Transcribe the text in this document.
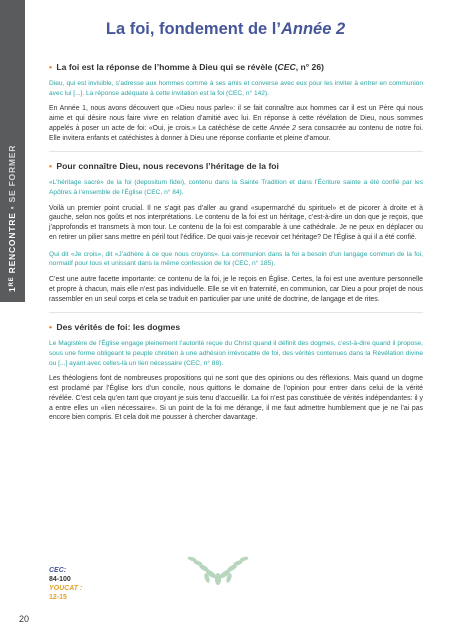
1RE RENCONTRE•SE FORMER
La foi, fondement de l’Année 2
• La foi est la réponse de l’homme à Dieu qui se révèle (CEC, n° 26)

Dieu, qui est invisible, s’adresse aux hommes comme à ses amis et converse avec eux pour les inviter à entrer en communion avec lui [...]. La réponse adéquate à cette invitation est la foi (CEC, n° 142).

En Année 1, nous avons découvert que «Dieu nous parle»: il se fait connaître aux hommes car il est un Père qui nous aime et qui désire nous faire vivre en relation d’amitié avec lui. En réponse à cette révélation de Dieu, nous sommes appelés à poser un acte de foi: «Oui, je crois.» La catéchèse de cette Année 2 sera consacrée au contenu de notre foi. Elle invitera enfants et catéchistes à donner à Dieu une réponse confiante et pleine d’amour.

• Pour connaître Dieu, nous recevons l’héritage de la foi

«L’héritage sacré» de la foi (depositum fidei), contenu dans la Sainte Tradition et dans l’Écriture sainte a été confié par les Apôtres à l’ensemble de l’Église (CEC, n° 84).

Voilà un premier point crucial. Il ne s’agit pas d’aller au grand «supermarché du spirituel» et de picorer à droite et à gauche, selon nos goûts et nos interprétations. Le contenu de la foi est un héritage, c’est-à-dire un don que je reçois, que j’approfondis et transmets à mon tour. Le contenu de la foi est comparable à une cathédrale. Je ne peux en déplacer ou en retirer un pilier sans mettre en péril tout l’édifice. De quoi vais-je recevoir cet héritage? De l’Église à qui il a été confié.

Qui dit «Je crois», dit «J’adhère à ce que nous croyons». La communion dans la foi a besoin d’un langage commun de la foi, normatif pour tous et unissant dans la même confession de foi (CEC, n° 185).

C’est une autre facette importante: ce contenu de la foi, je le reçois en Église. Certes, la foi est une aventure personnelle et propre à chacun, mais elle n’est pas individuelle. Elle se vit en fraternité, en communion, car Dieu a pour projet de nous rassembler en un seul corps et cela se traduit en particulier par une unité de doctrine, de langage et de rites.

• Des vérités de foi: les dogmes

Le Magistère de l’Église engage pleinement l’autorité reçue du Christ quand il définit des dogmes, c’est-à-dire quand il propose, sous une forme obligeant le peuple chrétien à une adhésion irrévocable de foi, des vérités contenues dans la Révélation divine ou [...] ayant avec celles-là un lien nécessaire (CEC, n° 88).

Les théologiens font de nombreuses propositions qui ne sont que des opinions ou des réflexions. Mais quand un dogme est proclamé par l’Église lors d’un concile, nous quittons le domaine de l’opinion pour entrer dans celui de la vérité révélée. C’est cela qu’en tant que croyant je suis tenu d’accueillir. La foi n’est pas constituée de vérités indépendantes: il y a entre elles un «lien nécessaire». Si un point de la foi me dérange, il me faut admettre humblement que je ne l’ai pas encore bien compris. Et cela doit me pousser à chercher davantage.

CEC:
84-100
YOUCAT :
12-15
20
